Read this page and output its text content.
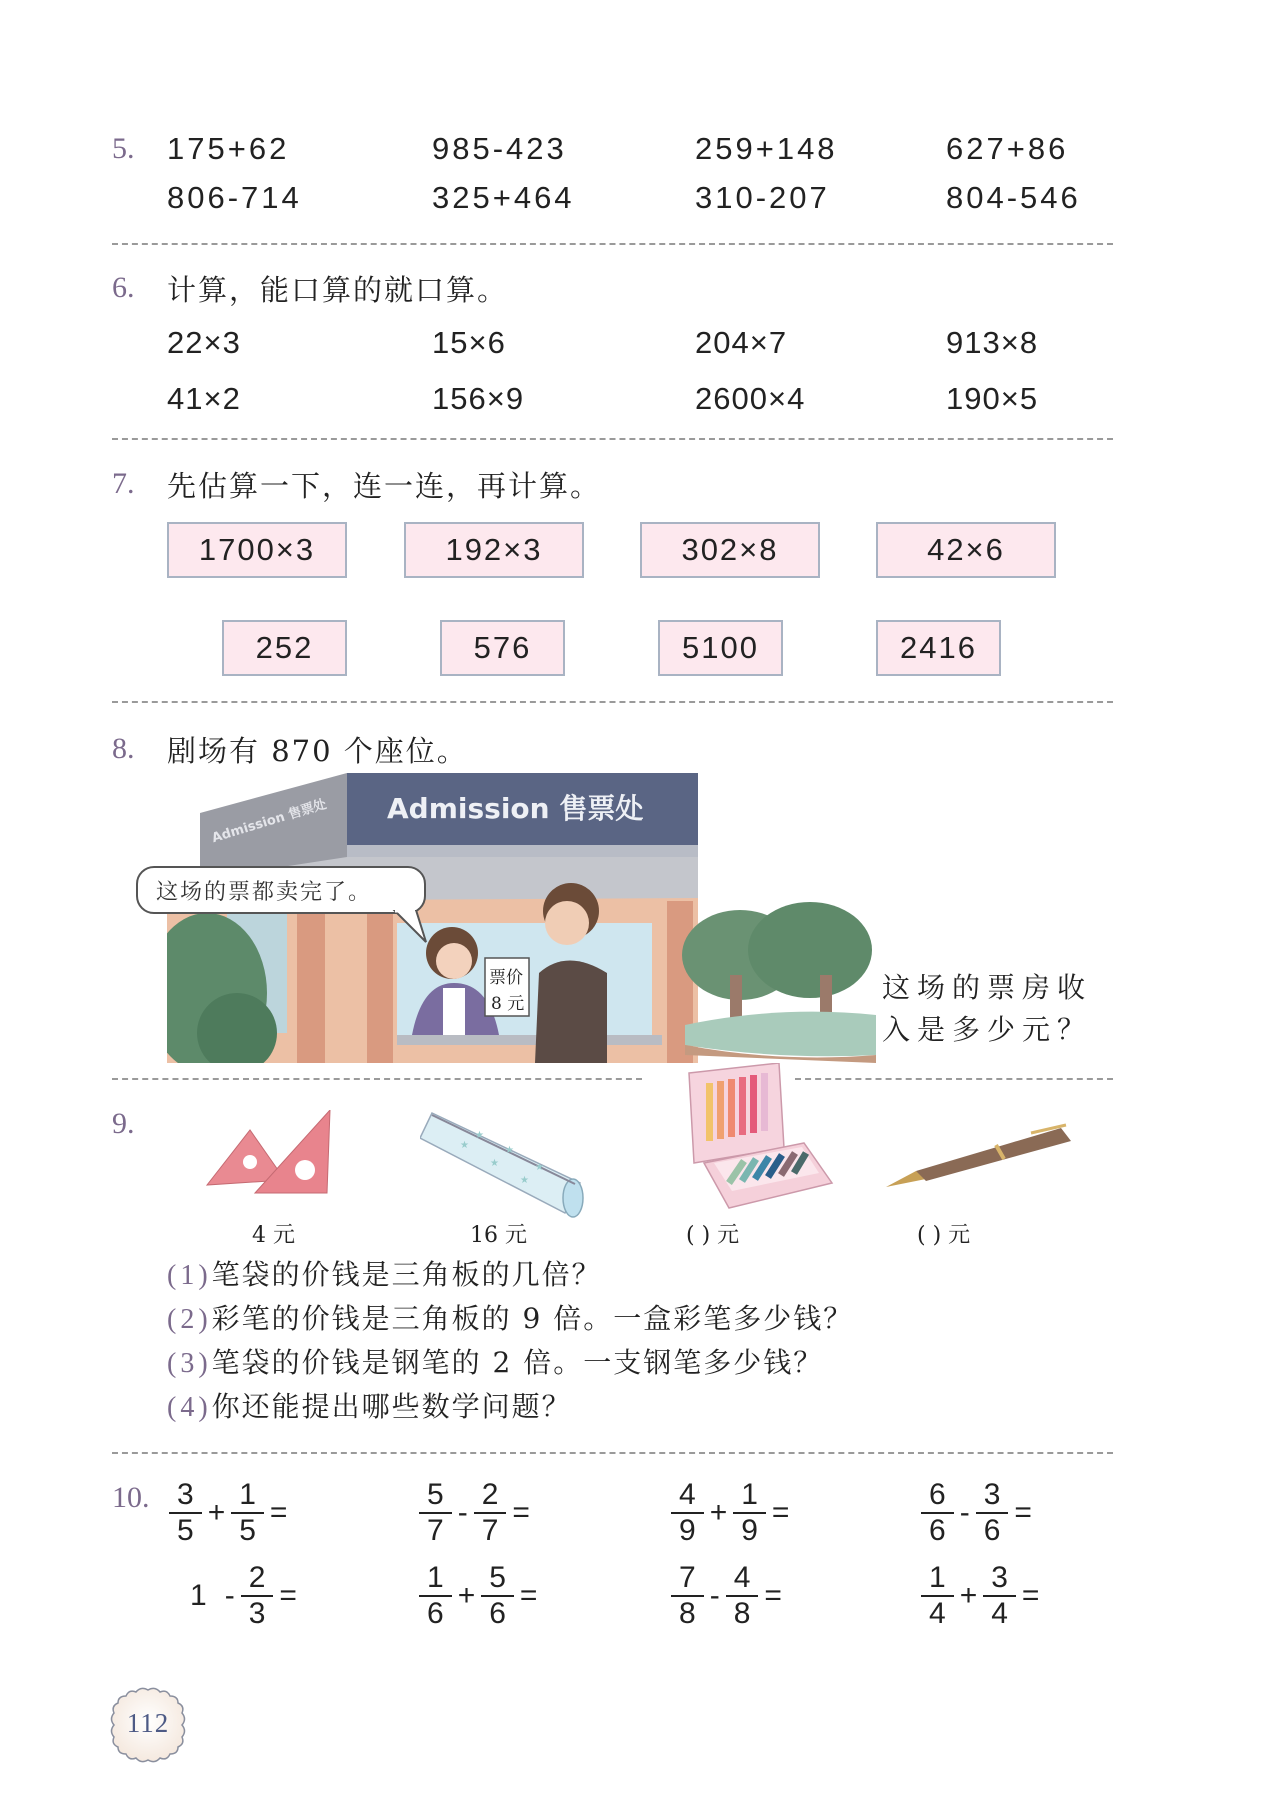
5. 175+62	985-423	259+148	627+86
806-714	325+464	310-207	804-546
6. 计算，能口算的就口算。
22×3	15×6	204×7	913×8
41×2	156×9	2600×4	190×5
7. 先估算一下，连一连，再计算。
1700×3	192×3	302×8	42×6
252	576	5100	2416
8. 剧场有 870 个座位。
Admission 售票处
Admission 售票处
票价
8 元
这场的票都卖完了。
这场的票房收
入是多少元？
9.
★
★
★
★
★
★
4 元	16 元	( ) 元	( ) 元
(1)笔袋的价钱是三角板的几倍？
(2)彩笔的价钱是三角板的 9 倍。一盒彩笔多少钱？
(3)笔袋的价钱是钢笔的 2 倍。一支钢笔多少钱？
(4)你还能提出哪些数学问题？
10. $\frac{3}{5} + \frac{1}{5}$ =	$\frac{5}{7} - \frac{2}{7}$ =	$\frac{4}{9} + \frac{1}{9}$ =	$\frac{6}{6} - \frac{3}{6}$ =
$1 - \frac{2}{3}$ =	$\frac{1}{6} + \frac{5}{6}$ =	$\frac{7}{8} - \frac{4}{8}$ =	$\frac{1}{4} + \frac{3}{4}$ =
112
